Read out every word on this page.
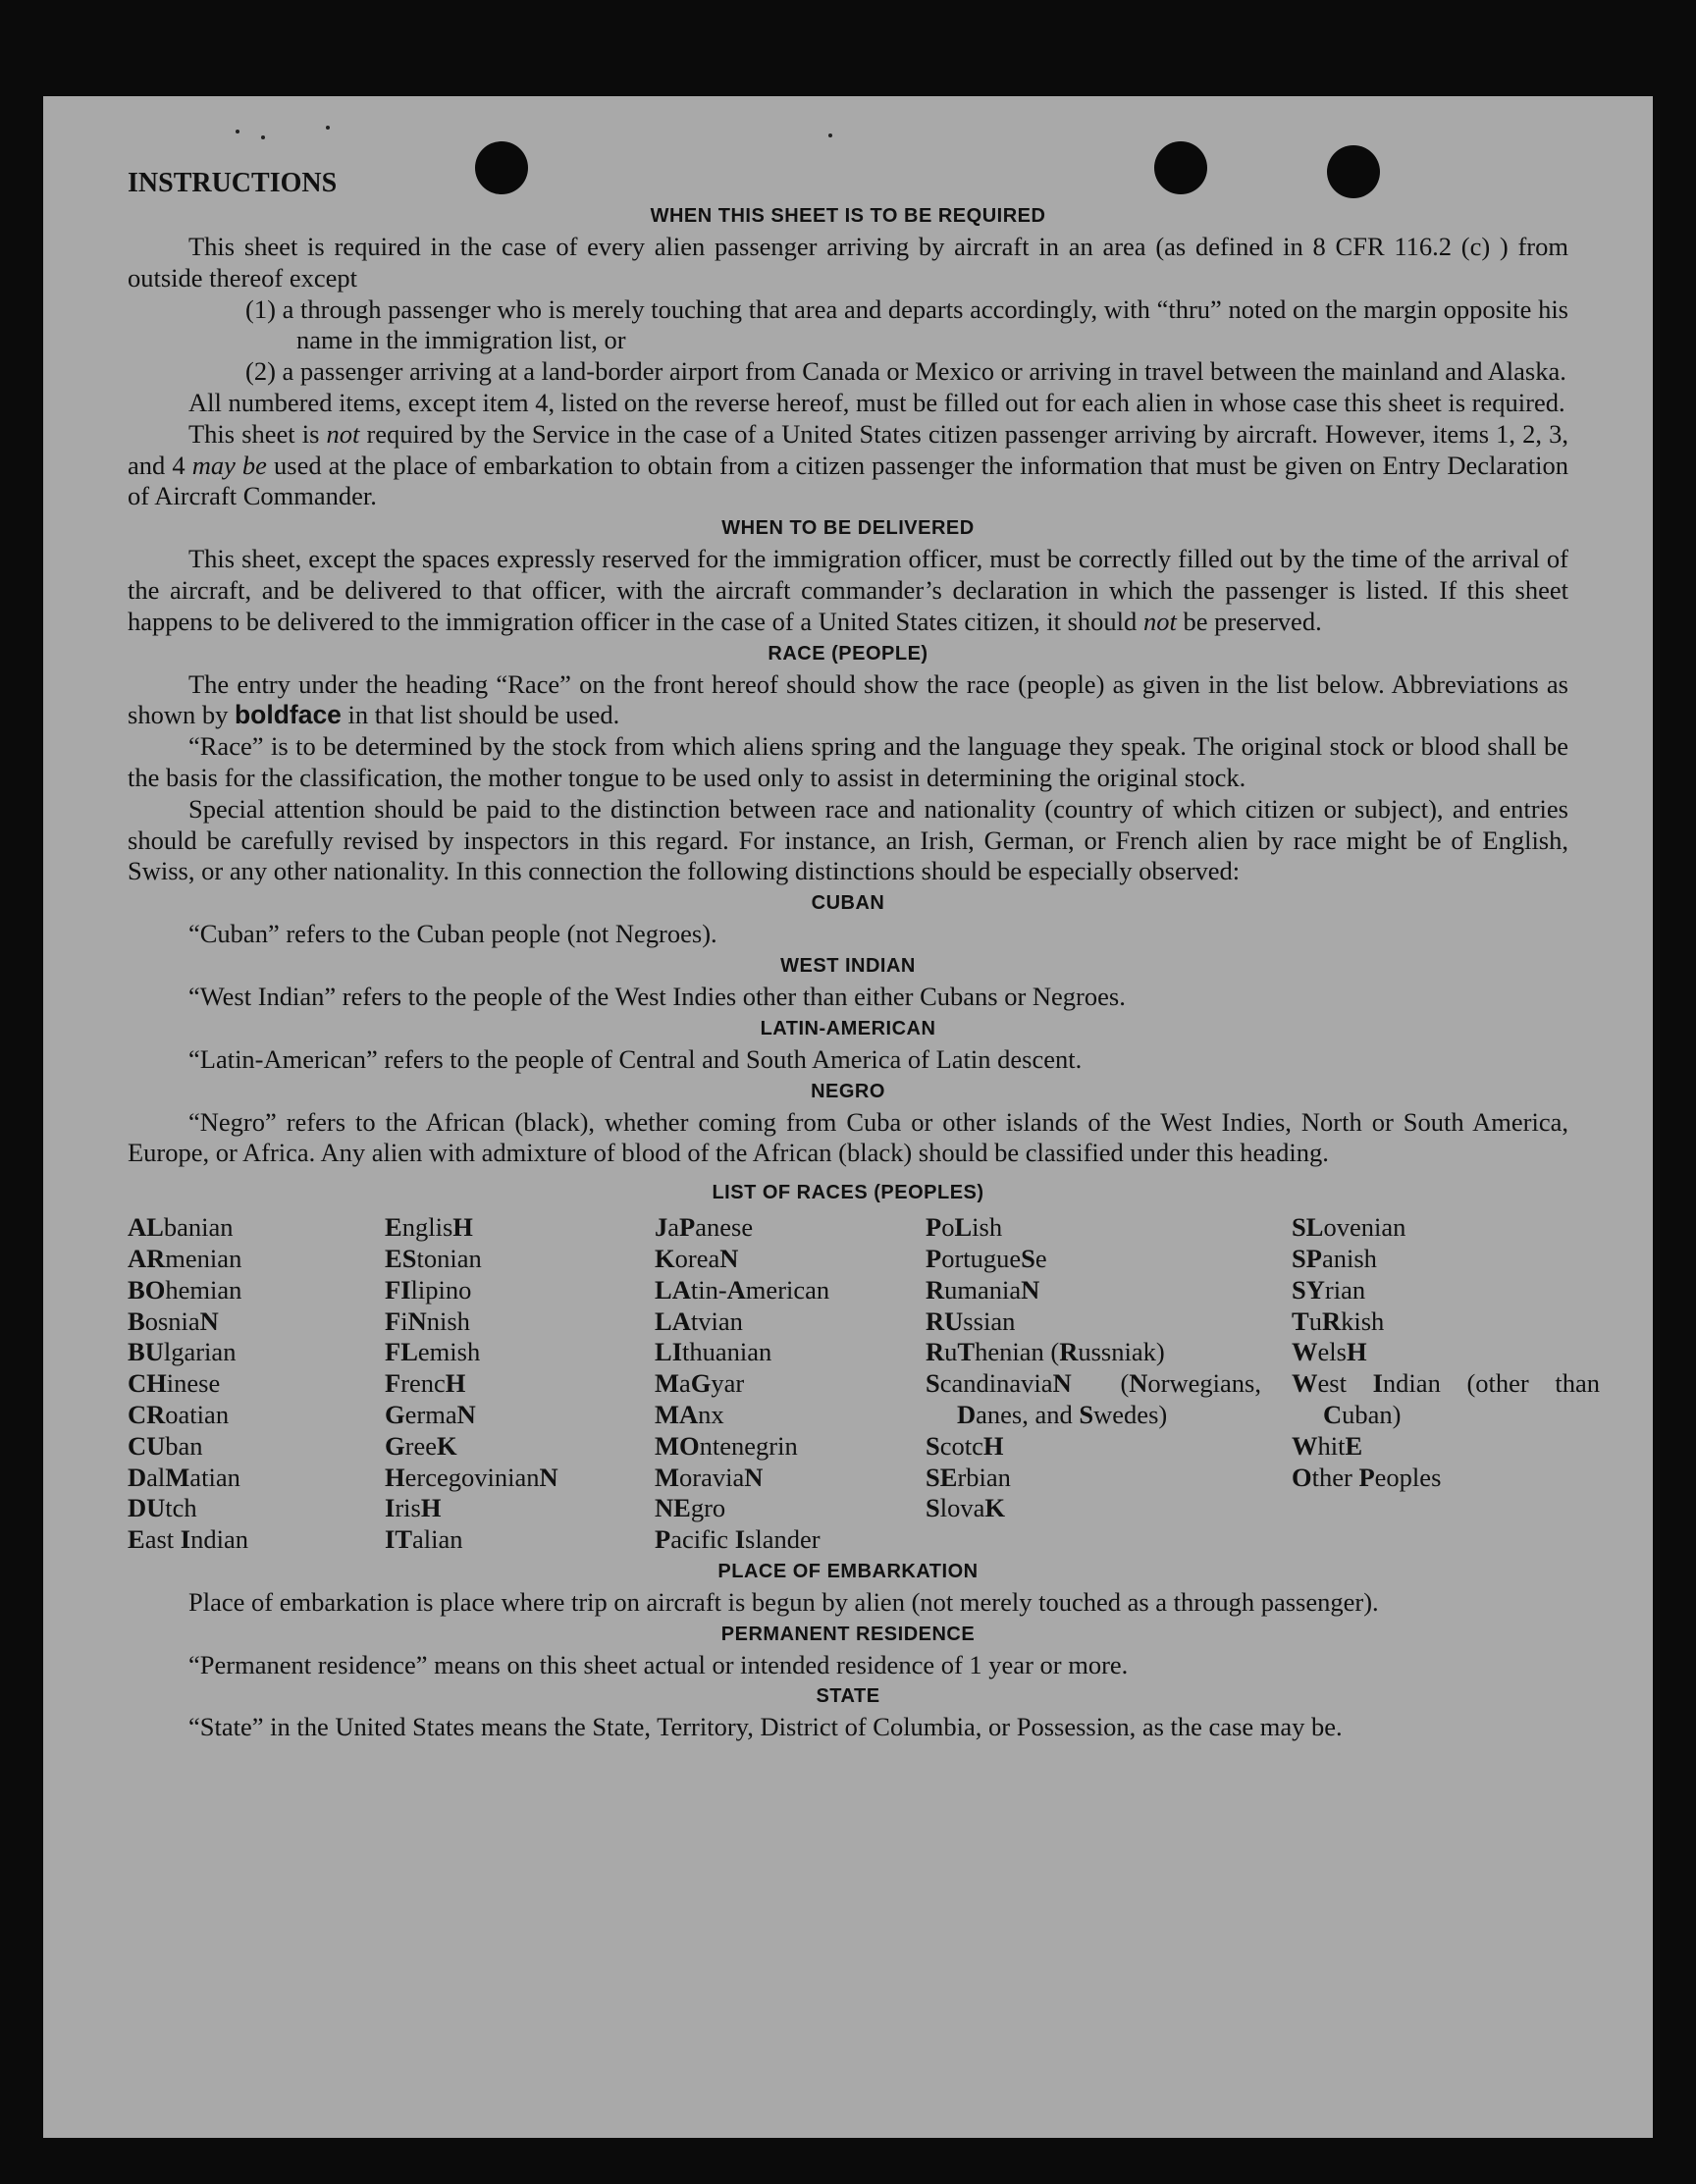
INSTRUCTIONS

WHEN THIS SHEET IS TO BE REQUIRED

This sheet is required in the case of every alien passenger arriving by aircraft in an area (as defined in 8 CFR 116.2 (c) ) from outside thereof except

(1) a through passenger who is merely touching that area and departs accordingly, with “thru” noted on the margin opposite his name in the immigration list, or

(2) a passenger arriving at a land-border airport from Canada or Mexico or arriving in travel between the mainland and Alaska.

All numbered items, except item 4, listed on the reverse hereof, must be filled out for each alien in whose case this sheet is required.

This sheet is not required by the Service in the case of a United States citizen passenger arriving by aircraft. However, items 1, 2, 3, and 4 may be used at the place of embarkation to obtain from a citizen passenger the information that must be given on Entry Declaration of Aircraft Commander.

WHEN TO BE DELIVERED

This sheet, except the spaces expressly reserved for the immigration officer, must be correctly filled out by the time of the arrival of the aircraft, and be delivered to that officer, with the aircraft commander’s declaration in which the passenger is listed. If this sheet happens to be delivered to the immigration officer in the case of a United States citizen, it should not be preserved.

RACE (PEOPLE)

The entry under the heading “Race” on the front hereof should show the race (people) as given in the list below. Abbreviations as shown by boldface in that list should be used.

“Race” is to be determined by the stock from which aliens spring and the language they speak. The original stock or blood shall be the basis for the classification, the mother tongue to be used only to assist in determining the original stock.

Special attention should be paid to the distinction between race and nationality (country of which citizen or subject), and entries should be carefully revised by inspectors in this regard. For instance, an Irish, German, or French alien by race might be of English, Swiss, or any other nationality. In this connection the following distinctions should be especially observed:

CUBAN

“Cuban” refers to the Cuban people (not Negroes).

WEST INDIAN

“West Indian” refers to the people of the West Indies other than either Cubans or Negroes.

LATIN-AMERICAN

“Latin-American” refers to the people of Central and South America of Latin descent.

NEGRO

“Negro” refers to the African (black), whether coming from Cuba or other islands of the West Indies, North or South America, Europe, or Africa. Any alien with admixture of blood of the African (black) should be classified under this heading.

LIST OF RACES (PEOPLES)
ALbanian
ARmenian
BOhemian
BosniaN
BUlgarian
CHinese
CRoatian
CUban
DalMatian
DUtch
East Indian
EnglisH
EStonian
FIlipino
FiNnish
FLemish
FrencH
GermaN
GreeK
HercegovinianN
IrisH
ITalian
JaPanese
KoreaN
LAtin-American
LAtvian
LIthuanian
MaGyar
MAnx
MOntenegrin
MoraviaN
NEgro
Pacific Islander
PoLish
PortugueSe
RumaniaN
RUssian
RuThenian (Russniak)
ScandinaviaN (Norwegians, Danes, and Swedes)
ScotcH
SErbian
SlovaK
SLovenian
SPanish
SYrian
TuRkish
WelsH
West Indian (other than Cuban)
WhitE
Other Peoples
PLACE OF EMBARKATION

Place of embarkation is place where trip on aircraft is begun by alien (not merely touched as a through passenger).

PERMANENT RESIDENCE

“Permanent residence” means on this sheet actual or intended residence of 1 year or more.

STATE

“State” in the United States means the State, Territory, District of Columbia, or Possession, as the case may be.
